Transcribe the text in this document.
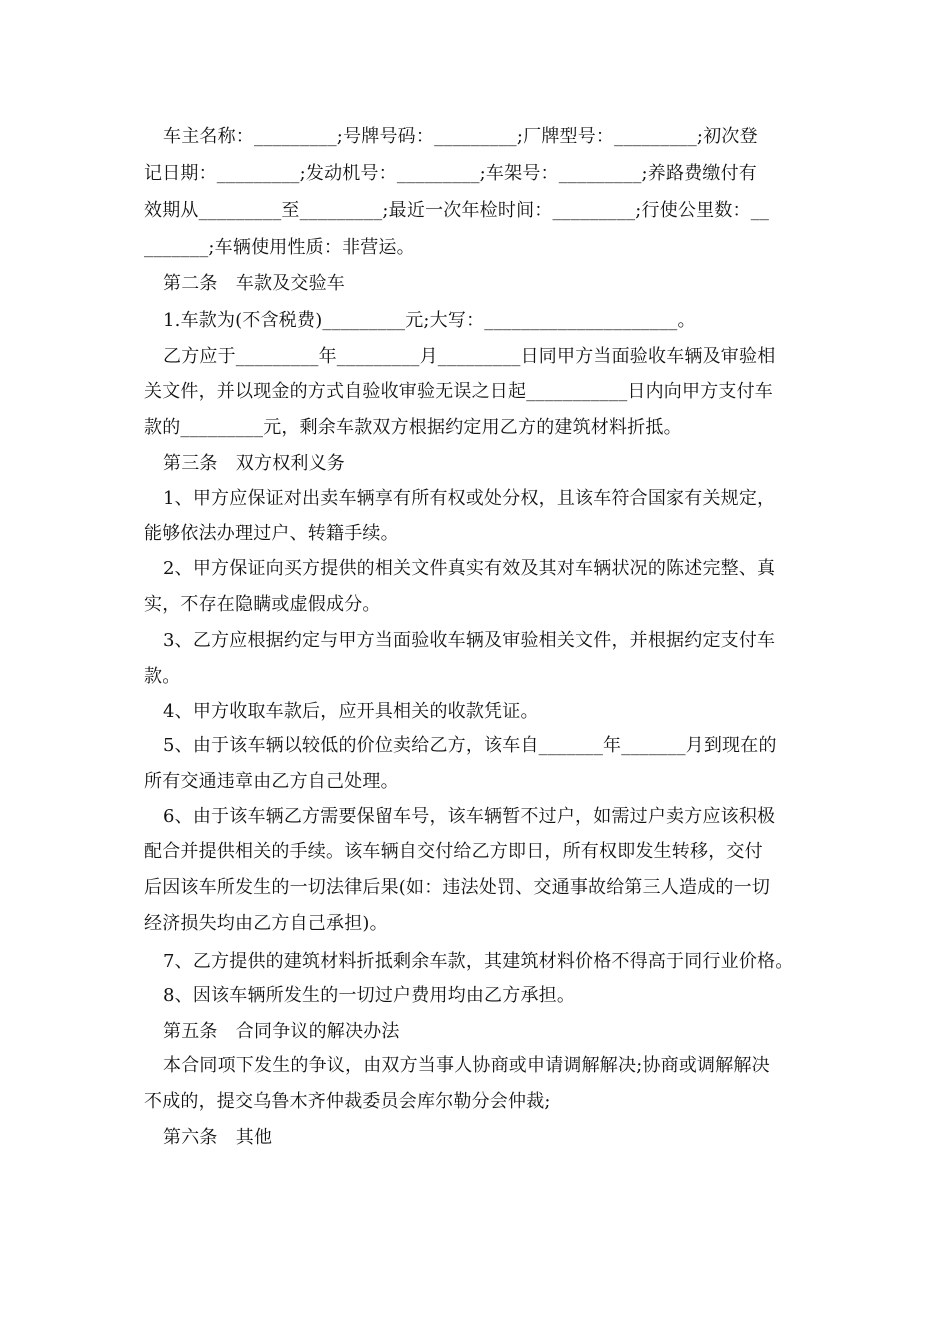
车主名称：_________;号牌号码：_________;厂牌型号：_________;初次登
记日期：_________;发动机号：_________;车架号：_________;养路费缴付有
效期从_________至_________;最近一次年检时间：_________;行使公里数：__
_______;车辆使用性质：非营运。
第二条　车款及交验车
1.车款为(不含税费)_________元;大写：_____________________。
乙方应于_________年_________月_________日同甲方当面验收车辆及审验相
关文件，并以现金的方式自验收审验无误之日起___________日内向甲方支付车
款的_________元，剩余车款双方根据约定用乙方的建筑材料折抵。
第三条　双方权利义务
1、甲方应保证对出卖车辆享有所有权或处分权，且该车符合国家有关规定，
能够依法办理过户、转籍手续。
2、甲方保证向买方提供的相关文件真实有效及其对车辆状况的陈述完整、真
实，不存在隐瞒或虚假成分。
3、乙方应根据约定与甲方当面验收车辆及审验相关文件，并根据约定支付车
款。
4、甲方收取车款后，应开具相关的收款凭证。
5、由于该车辆以较低的价位卖给乙方，该车自_______年_______月到现在的
所有交通违章由乙方自己处理。
6、由于该车辆乙方需要保留车号，该车辆暂不过户，如需过户卖方应该积极
配合并提供相关的手续。该车辆自交付给乙方即日，所有权即发生转移，交付
后因该车所发生的一切法律后果(如：违法处罚、交通事故给第三人造成的一切
经济损失均由乙方自己承担)。
7、乙方提供的建筑材料折抵剩余车款，其建筑材料价格不得高于同行业价格。
8、因该车辆所发生的一切过户费用均由乙方承担。
第五条　合同争议的解决办法
本合同项下发生的争议，由双方当事人协商或申请调解解决;协商或调解解决
不成的，提交乌鲁木齐仲裁委员会库尔勒分会仲裁;
第六条　其他
